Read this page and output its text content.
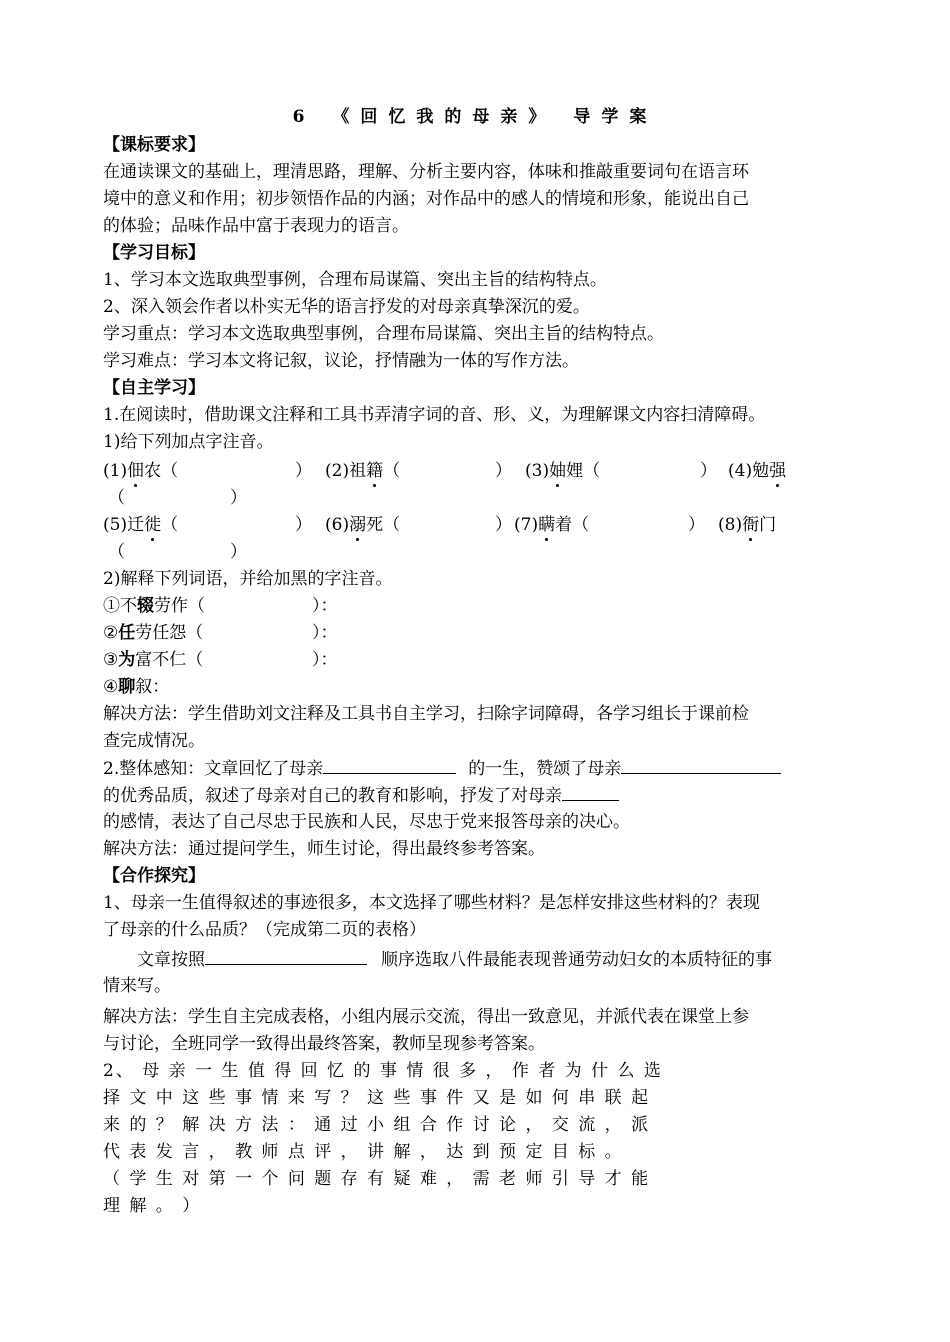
6 《回忆我的母亲》 导学案
【课标要求】
在通读课文的基础上，理清思路，理解、分析主要内容，体味和推敲重要词句在语言环
境中的意义和作用；初步领悟作品的内涵；对作品中的感人的情境和形象，能说出自己
的体验；品味作品中富于表现力的语言。
【学习目标】
1、学习本文选取典型事例，合理布局谋篇、突出主旨的结构特点。
2、深入领会作者以朴实无华的语言抒发的对母亲真挚深沉的爱。
学习重点：学习本文选取典型事例，合理布局谋篇、突出主旨的结构特点。
学习难点：学习本文将记叙，议论，抒情融为一体的写作方法。
【自主学习】
1.在阅读时，借助课文注释和工具书弄清字词的音、形、义，为理解课文内容扫清障碍。
1)给下列加点字注音。
(1)佃农（	） (2)祖籍（	） (3)妯娌（	） (4)勉强
（	）
(5)迁徙（	） (6)溺死（	） (7)瞒着（	） (8)衙门
（	）
2)解释下列词语，并给加黑的字注音。
①不辍劳作（	）：
②任劳任怨（	）：
③为富不仁（	）：
④聊叙：
解决方法：学生借助刘文注释及工具书自主学习，扫除字词障碍，各学习组长于课前检
查完成情况。
2.整体感知：文章回忆了母亲	的一生，赞颂了母亲
的优秀品质，叙述了母亲对自己的教育和影响，抒发了对母亲
的感情，表达了自己尽忠于民族和人民，尽忠于党来报答母亲的决心。
解决方法：通过提问学生，师生讨论，得出最终参考答案。
【合作探究】
1、母亲一生值得叙述的事迹很多，本文选择了哪些材料？是怎样安排这些材料的？表现
了母亲的什么品质？（完成第二页的表格）
文章按照	顺序选取八件最能表现普通劳动妇女的本质特征的事
情来写。
解决方法：学生自主完成表格，小组内展示交流，得出一致意见，并派代表在课堂上参
与讨论，全班同学一致得出最终答案，教师呈现参考答案。
2、 母 亲 一 生 值 得 回 忆 的 事 情 很 多 ， 作 者 为 什 么 选
择 文 中 这 些 事 情 来 写 ？ 这 些 事 件 又 是 如 何 串 联 起
来 的 ？ 解 决 方 法 ： 通 过 小 组 合 作 讨 论 ， 交 流 ， 派
代 表 发 言 ， 教 师 点 评 ， 讲 解 ， 达 到 预 定 目 标 。
（ 学 生 对 第 一 个 问 题 存 有 疑 难 ， 需 老 师 引 导 才 能
理 解 。 ）
